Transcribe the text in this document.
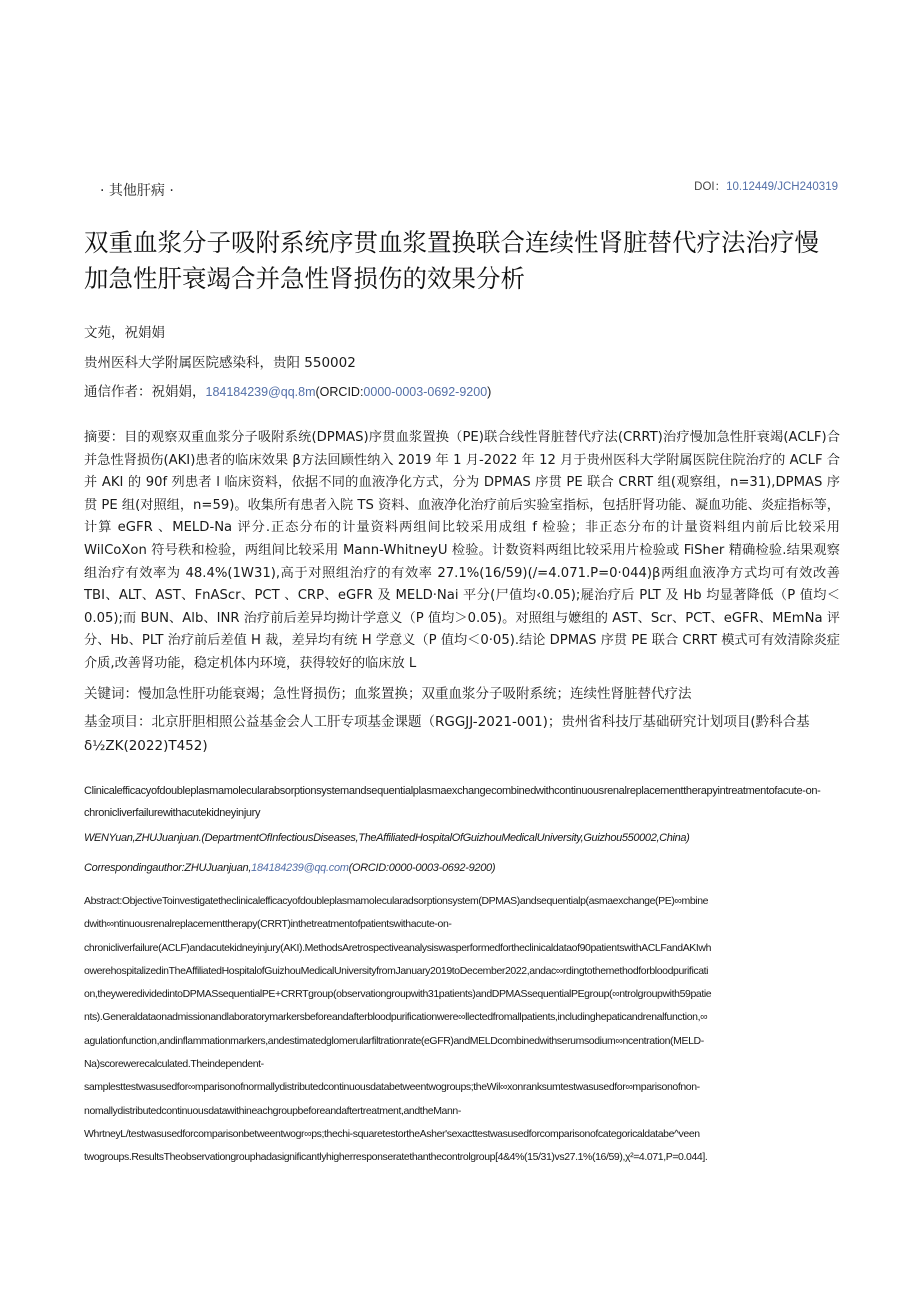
· 其他肝病 ·	DOI：10.12449/JCH240319
双重血浆分子吸附系统序贯血浆置换联合连续性肾脏替代疗法治疗慢
加急性肝衰竭合并急性肾损伤的效果分析
文苑，祝娟娟
贵州医科大学附属医院感染科，贵阳 550002
通信作者：祝娟娟，184184239@qq.8m(ORCID:0000-0003-0692-9200)
摘要：目的观察双重血浆分子吸附系统(DPMAS)序贯血浆置换（PE)联合线性肾脏替代疗法(CRRT)治疗慢加急性肝衰竭(ACLF)合并急性肾损伤(AKI)患者的临床效果 β方法回顾性纳入 2019 年 1 月-2022 年 12 月于贵州医科大学附属医院住院治疗的 ACLF 合并 AKI 的 90f 列患者 l 临床资料，依据不同的血液净化方式，分为 DPMAS 序贯 PE 联合 CRRT 组(观察组，n=31),DPMAS 序贯 PE 组(对照组，n=59)。收集所有患者入院 TS 资料、血液净化治疗前后实验室指标，包括肝肾功能、凝血功能、炎症指标等，计算 eGFR 、MELD-Na 评分.正态分布的计量资料两组间比较采用成组 f 检验；非正态分布的计量资料组内前后比较采用 WilCoXon 符号秩和检验，两组间比较采用 Mann-WhitneyU 检验。计数资料两组比较采用片检验或 FiSher 精确检验.结果观察组治疗有效率为 48.4%(1W31),高于对照组治疗的有效率 27.1%(16/59)(/=4.071.P=0·044)β两组血液净方式均可有效改善 TBI、ALT、AST、FnAScr、PCT 、CRP、eGFR 及 MELD·Nai 平分(尸值均‹0.05);屣治疗后 PLT 及 Hb 均显著降低（P 值均＜0.05);而 BUN、Alb、INR 治疗前后差异均拗计学意义（P 值均＞0.05)。对照组与嬷组的 AST、Scr、PCT、eGFR、MEmNa 评分、Hb、PLT 治疗前后差值 H 裁，差异均有统 H 学意义（P 值均＜0·05).结论 DPMAS 序贯 PE 联合 CRRT 模式可有效清除炎症介质,改善肾功能，稳定机体内环境，获得较好的临床放 L
关键词：慢加急性肝功能衰竭；急性肾损伤；血浆置换；双重血浆分子吸附系统；连续性肾脏替代疗法
基金项目：北京肝胆相照公益基金会人工肝专项基金课题（RGGJJ-2021-001)；贵州省科技厅基础研究计划项目(黔科合基 δ½ZK(2022)T452)
Clinicalefficacyofdoubleplasmamolecularabsorptionsystemandsequentialplasmaexchangecombinedwithcontinuousrenalreplacementtherapyintreatmentofacute-on-chronicliverfailurewithacutekidneyinjury
WENYuan,ZHUJuanjuan.(DepartmentOfInfectiousDiseases,TheAffiliatedHospitalOfGuizhouMedicalUniversity,Guizhou550002,China)
Correspondingauthor:ZHUJuanjuan,184184239@qq.com(ORCID:0000-0003-0692-9200)
Abstract:ObjectiveToinvestigatetheclinicalefficacyofdoubleplasmamolecularadsorptionsystem(DPMAS)andsequentialp(asmaexchange(PE)∞mbine
dwith∞ntinuousrenalreplacementtherapy(CRRT)inthetreatmentofpatientswithacute-on-
chronicliverfailure(ACLF)andacutekidneyinjury(AKI).MethodsAretrospectiveanalysiswasperformedfortheclinicaldataof90patientswithACLFandAKIwh
owerehospitalizedinTheAffiliatedHospitalofGuizhouMedicalUniversityfromJanuary2019toDecember2022,andac∞rdingtothemethodforbloodpurificati
on,theyweredividedintoDPMASsequentialPE+CRRTgroup(observationgroupwith31patients)andDPMASsequentialPEgroup(∞ntrolgroupwith59patie
nts).Generaldataonadmissionandlaboratorymarkersbeforeandafterbloodpurificationwere∞llectedfromallpatients,includinghepaticandrenalfunction,∞
agulationfunction,andinflammationmarkers,andestimatedglomerularfiltrationrate(eGFR)andMELDcombinedwithserumsodium∞ncentration(MELD-
Na)scorewerecalculated.Theindependent-
samplesttestwasusedfor∞mparisonofnormallydistributedcontinuousdatabetweentwogroups;theWil∞xonranksumtestwasusedfor∞mparisonofnon-
nomallydistributedcontinuousdatawithineachgroupbeforeandaftertreatment,andtheMann-
WhrtneyL/testwasusedforcomparisonbetweentwogr∞ps;thechi-squaretestortheAsher'sexacttestwasusedforcomparisonofcategoricaldatabe^veen
twogroups.ResultsTheobservationgrouphadasignificantlyhigherresponseratethanthecontrolgroup[4&4%(15/31)vs27.1%(16/59),χ²=4.071,P=0.044].
